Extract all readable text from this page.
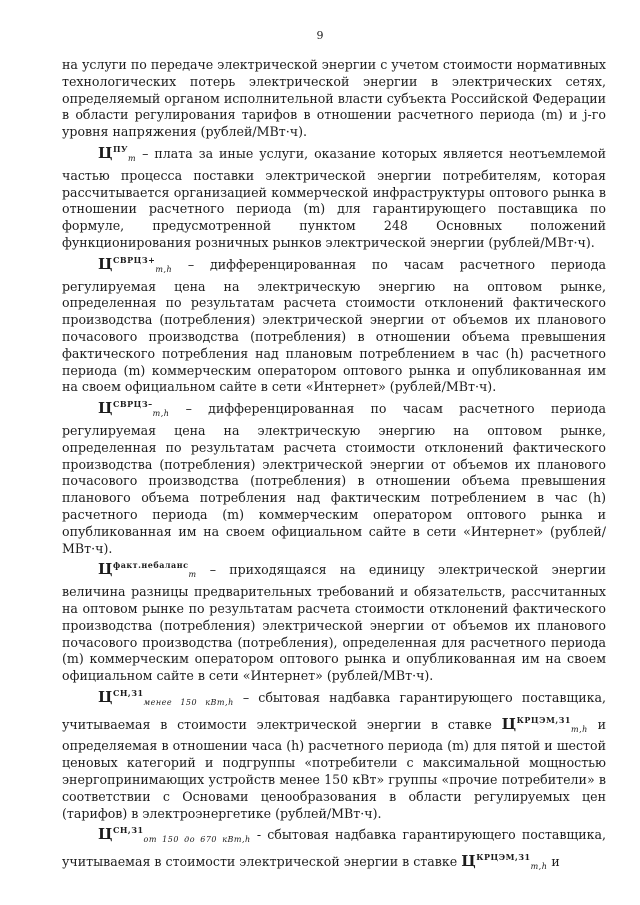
9

на услуги по передаче электрической энергии с учетом стоимости нормативных технологических потерь электрической энергии в электрических сетях, определяемый органом исполнительной власти субъекта Российской Федерации в области регулирования тарифов в отношении расчетного периода (m) и j-го уровня напряжения (рублей/МВт·ч).

$Ц^{ПУ}_m$ – плата за иные услуги, оказание которых является неотъемлемой частью процесса поставки электрической энергии потребителям, которая рассчитывается организацией коммерческой инфраструктуры оптового рынка в отношении расчетного периода (m) для гарантирующего поставщика по формуле, предусмотренной пунктом 248 Основных положений функционирования розничных рынков электрической энергии (рублей/МВт·ч).

$Ц^{СВРЦЗ+}_{m,h}$ – дифференцированная по часам расчетного периода регулируемая цена на электрическую энергию на оптовом рынке, определенная по результатам расчета стоимости отклонений фактического производства (потребления) электрической энергии от объемов их планового почасового производства (потребления) в отношении объема превышения фактического потребления над плановым потреблением в час (h) расчетного периода (m) коммерческим оператором оптового рынка и опубликованная им на своем официальном сайте в сети «Интернет» (рублей/МВт·ч).

$Ц^{СВРЦЗ-}_{m,h}$ – дифференцированная по часам расчетного периода регулируемая цена на электрическую энергию на оптовом рынке, определенная по результатам расчета стоимости отклонений фактического производства (потребления) электрической энергии от объемов их планового почасового производства (потребления) в отношении объема превышения планового объема потребления над фактическим потреблением в час (h) расчетного периода (m) коммерческим оператором оптового рынка и опубликованная им на своем официальном сайте в сети «Интернет» (рублей/МВт·ч).

$Ц^{факт.небаланс}_m$ – приходящаяся на единицу электрической энергии величина разницы предварительных требований и обязательств, рассчитанных на оптовом рынке по результатам расчета стоимости отклонений фактического производства (потребления) электрической энергии от объемов их планового почасового производства (потребления), определенная для расчетного периода (m) коммерческим оператором оптового рынка и опубликованная им на своем официальном сайте в сети «Интернет» (рублей/МВт·ч).

$Ц^{СН,З1}_{менее 150 кВт,h}$ – сбытовая надбавка гарантирующего поставщика, учитываемая в стоимости электрической энергии в ставке $Ц^{КРЦЭМ,З1}_{m,h}$ и определяемая в отношении часа (h) расчетного периода (m) для пятой и шестой ценовых категорий и подгруппы «потребители с максимальной мощностью энергопринимающих устройств менее 150 кВт» группы «прочие потребители» в соответствии с Основами ценообразования в области регулируемых цен (тарифов) в электроэнергетике (рублей/МВт·ч).

$Ц^{СН,З1}_{от 150 до 670 кВт,h}$ - сбытовая надбавка гарантирующего поставщика, учитываемая в стоимости электрической энергии в ставке $Ц^{КРЦЭМ,З1}_{m,h}$ и
